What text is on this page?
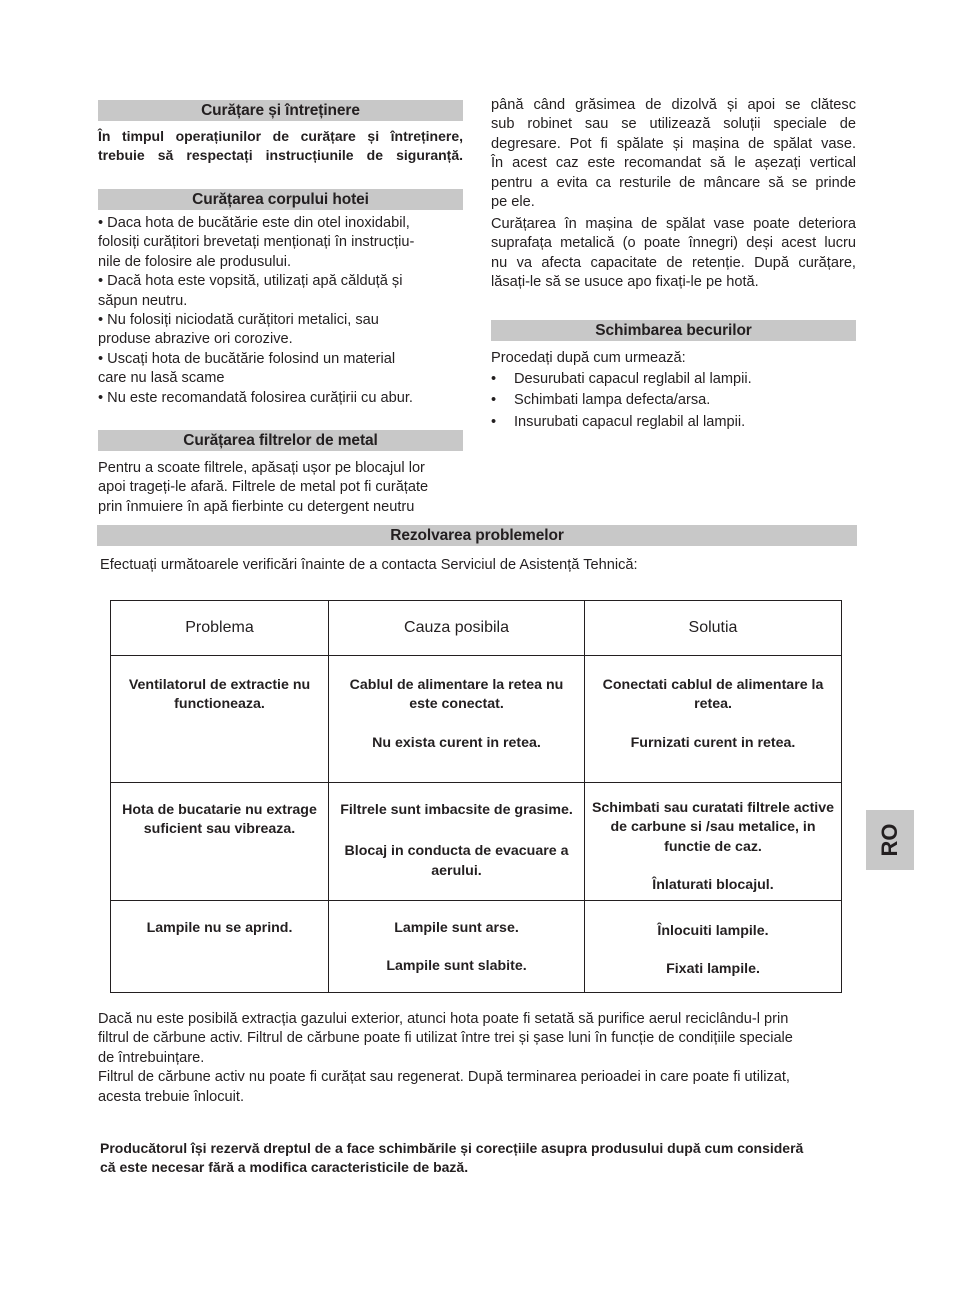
Curățare și întreținere
În timpul operațiunilor de curățare și întreținere,
trebuie să respectați instrucțiunile de siguranță.
Curățarea corpului hotei
• Daca hota de bucătărie este din otel inoxidabil,
folosiți curățitori brevetați menționați în instrucțiu-
nile de folosire ale produsului.
• Dacă hota este vopsită, utilizați apă călduță și
săpun neutru.
• Nu folosiți niciodată curățitori metalici, sau
produse abrazive ori corozive.
• Uscați hota de bucătărie folosind un material
care nu lasă scame
• Nu este recomandată folosirea curățirii cu abur.
Curățarea filtrelor de metal
Pentru a scoate filtrele, apăsați ușor pe blocajul lor
apoi trageți-le afară. Filtrele de metal pot fi curățate
prin înmuiere în apă fierbinte cu detergent neutru
până când grăsimea de dizolvă și apoi se clătesc
sub robinet sau se utilizează soluții speciale de
degresare. Pot fi spălate și mașina de spălat vase.
În acest caz este recomandat să le așezați vertical
pentru a evita ca resturile de mâncare să se prinde
pe ele.
Curățarea în mașina de spălat vase poate deteriora
suprafața metalică (o poate înnegri) deși acest lucru
nu va afecta capacitate de retenție. După curățare,
lăsați-le să se usuce apo fixați-le pe hotă.
Schimbarea becurilor
Procedați după cum urmează:
• Desurubati capacul reglabil al lampii.
• Schimbati lampa defecta/arsa.
• Insurubati capacul reglabil al lampii.
Rezolvarea problemelor
Efectuați următoarele verificări înainte de a contacta Serviciul de Asistență Tehnică:
Problema	Cauza posibila	Solutia

Ventilatorul de extractie nu
functioneaza.	Cablul de alimentare la retea nu
este conectat.
Nu exista curent in retea.	Conectati cablul de alimentare la
retea.
Furnizati curent in retea.

Hota de bucatarie nu extrage
suficient sau vibreaza.	Filtrele sunt imbacsite de grasime.
Blocaj in conducta de evacuare a
aerului.	Schimbati sau curatati filtrele active
de carbune si /sau metalice, in
functie de caz.
Înlaturati blocajul.

Lampile nu se aprind.	Lampile sunt arse.
Lampile sunt slabite.	Înlocuiti lampile.
Fixati lampile.
Dacă nu este posibilă extracția gazului exterior, atunci hota poate fi setată să purifice aerul reciclându-l prin
filtrul de cărbune activ. Filtrul de cărbune poate fi utilizat între trei și șase luni în funcție de condițiile speciale
de întrebuințare.
Filtrul de cărbune activ nu poate fi curățat sau regenerat. După terminarea perioadei in care poate fi utilizat,
acesta trebuie înlocuit.
Producătorul își rezervă dreptul de a face schimbările și corecțiile asupra produsului după cum consideră
că este necesar fără a modifica caracteristicile de bază.
RO
